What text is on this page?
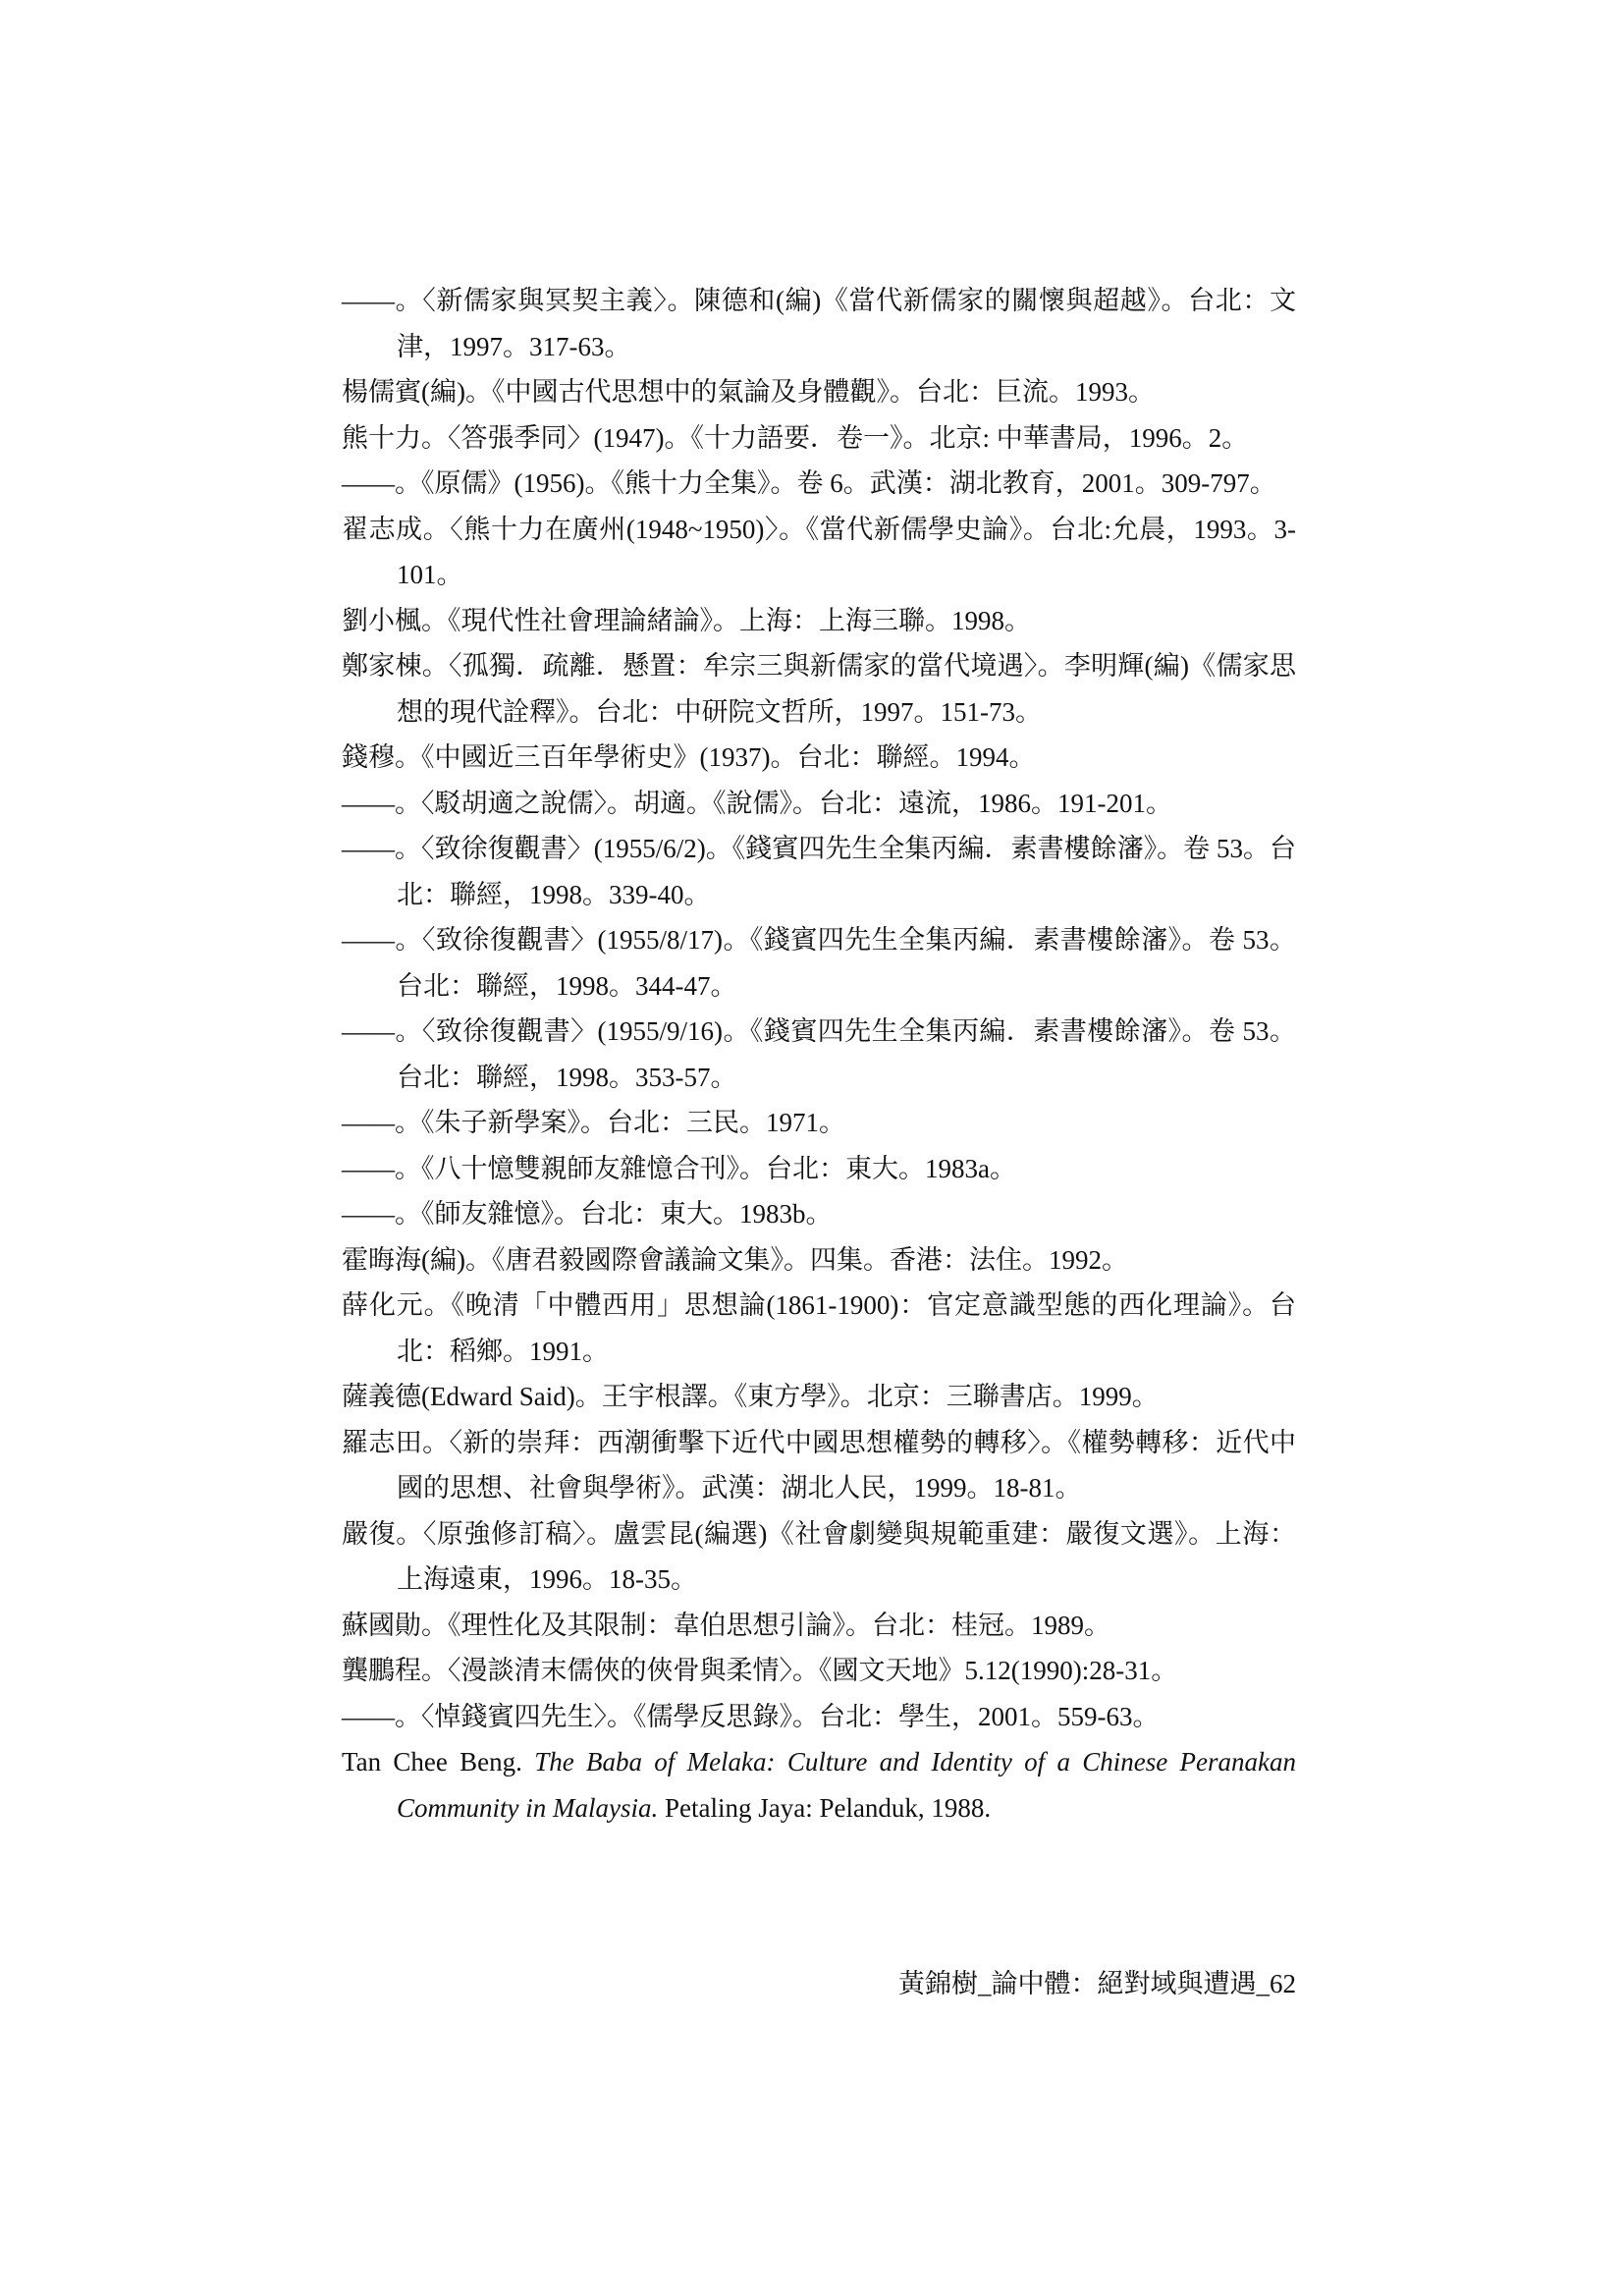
——。〈新儒家與冥契主義〉。陳德和(編)《當代新儒家的關懷與超越》。台北：文津，1997。317-63。
楊儒賓(編)。《中國古代思想中的氣論及身體觀》。台北：巨流。1993。
熊十力。〈答張季同〉(1947)。《十力語要．卷一》。北京: 中華書局，1996。2。
——。《原儒》(1956)。《熊十力全集》。卷 6。武漢：湖北教育，2001。309-797。
翟志成。〈熊十力在廣州(1948~1950)〉。《當代新儒學史論》。台北:允晨，1993。3-101。
劉小楓。《現代性社會理論緒論》。上海：上海三聯。1998。
鄭家棟。〈孤獨．疏離．懸置：牟宗三與新儒家的當代境遇〉。李明輝(編)《儒家思想的現代詮釋》。台北：中研院文哲所，1997。151-73。
錢穆。《中國近三百年學術史》(1937)。台北：聯經。1994。
——。〈駁胡適之說儒〉。胡適。《說儒》。台北：遠流，1986。191-201。
——。〈致徐復觀書〉(1955/6/2)。《錢賓四先生全集丙編．素書樓餘瀋》。卷 53。台北：聯經，1998。339-40。
——。〈致徐復觀書〉(1955/8/17)。《錢賓四先生全集丙編．素書樓餘瀋》。卷 53。台北：聯經，1998。344-47。
——。〈致徐復觀書〉(1955/9/16)。《錢賓四先生全集丙編．素書樓餘瀋》。卷 53。台北：聯經，1998。353-57。
——。《朱子新學案》。台北：三民。1971。
——。《八十憶雙親師友雜憶合刊》。台北：東大。1983a。
——。《師友雜憶》。台北：東大。1983b。
霍晦海(編)。《唐君毅國際會議論文集》。四集。香港：法住。1992。
薛化元。《晚清「中體西用」思想論(1861-1900)：官定意識型態的西化理論》。台北：稻鄉。1991。
薩義德(Edward Said)。王宇根譯。《東方學》。北京：三聯書店。1999。
羅志田。〈新的崇拜：西潮衝擊下近代中國思想權勢的轉移〉。《權勢轉移：近代中國的思想、社會與學術》。武漢：湖北人民，1999。18-81。
嚴復。〈原強修訂稿〉。盧雲昆(編選)《社會劇變與規範重建：嚴復文選》。上海：上海遠東，1996。18-35。
蘇國勛。《理性化及其限制：韋伯思想引論》。台北：桂冠。1989。
龔鵬程。〈漫談清末儒俠的俠骨與柔情〉。《國文天地》5.12(1990):28-31。
——。〈悼錢賓四先生〉。《儒學反思錄》。台北：學生，2001。559-63。
Tan Chee Beng. The Baba of Melaka: Culture and Identity of a Chinese Peranakan Community in Malaysia. Petaling Jaya: Pelanduk, 1988.
黃錦樹_論中體：絕對域與遭遇_62
